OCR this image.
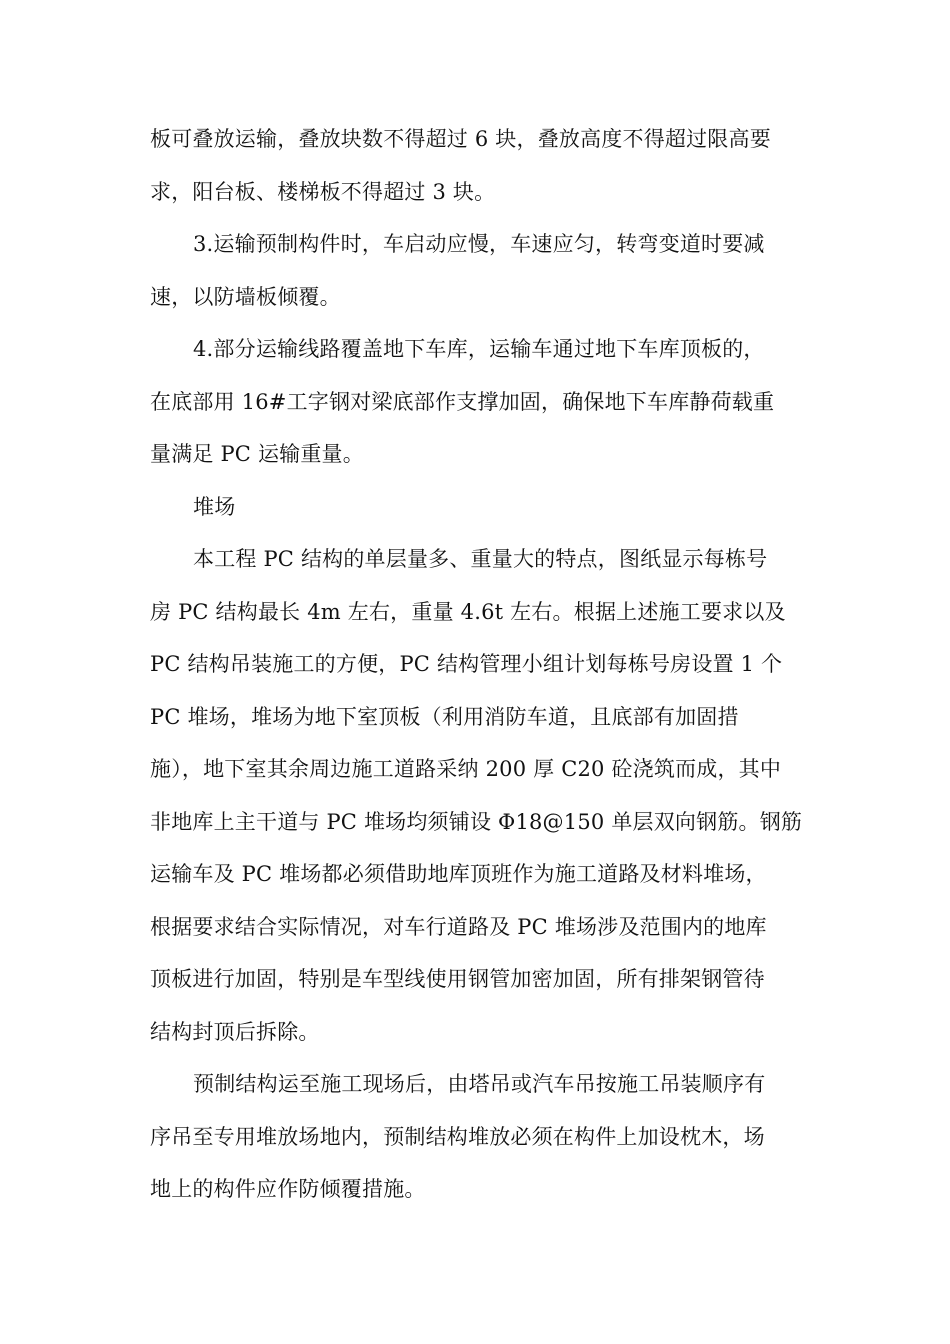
板可叠放运输，叠放块数不得超过 6 块，叠放高度不得超过限高要
求，阳台板、楼梯板不得超过 3 块。

3.运输预制构件时，车启动应慢，车速应匀，转弯变道时要减
速，以防墙板倾覆。

4.部分运输线路覆盖地下车库，运输车通过地下车库顶板的，
在底部用 16#工字钢对梁底部作支撑加固，确保地下车库静荷载重
量满足 PC 运输重量。

堆场

本工程 PC 结构的单层量多、重量大的特点，图纸显示每栋号
房 PC 结构最长 4m 左右，重量 4.6t 左右。根据上述施工要求以及
PC 结构吊装施工的方便，PC 结构管理小组计划每栋号房设置 1 个
PC 堆场，堆场为地下室顶板（利用消防车道，且底部有加固措
施），地下室其余周边施工道路采纳 200 厚 C20 砼浇筑而成，其中
非地库上主干道与 PC 堆场均须铺设 Φ18@150 单层双向钢筋。钢筋
运输车及 PC 堆场都必须借助地库顶班作为施工道路及材料堆场，
根据要求结合实际情况，对车行道路及 PC 堆场涉及范围内的地库
顶板进行加固，特别是车型线使用钢管加密加固，所有排架钢管待
结构封顶后拆除。

预制结构运至施工现场后，由塔吊或汽车吊按施工吊装顺序有
序吊至专用堆放场地内，预制结构堆放必须在构件上加设枕木，场
地上的构件应作防倾覆措施。
